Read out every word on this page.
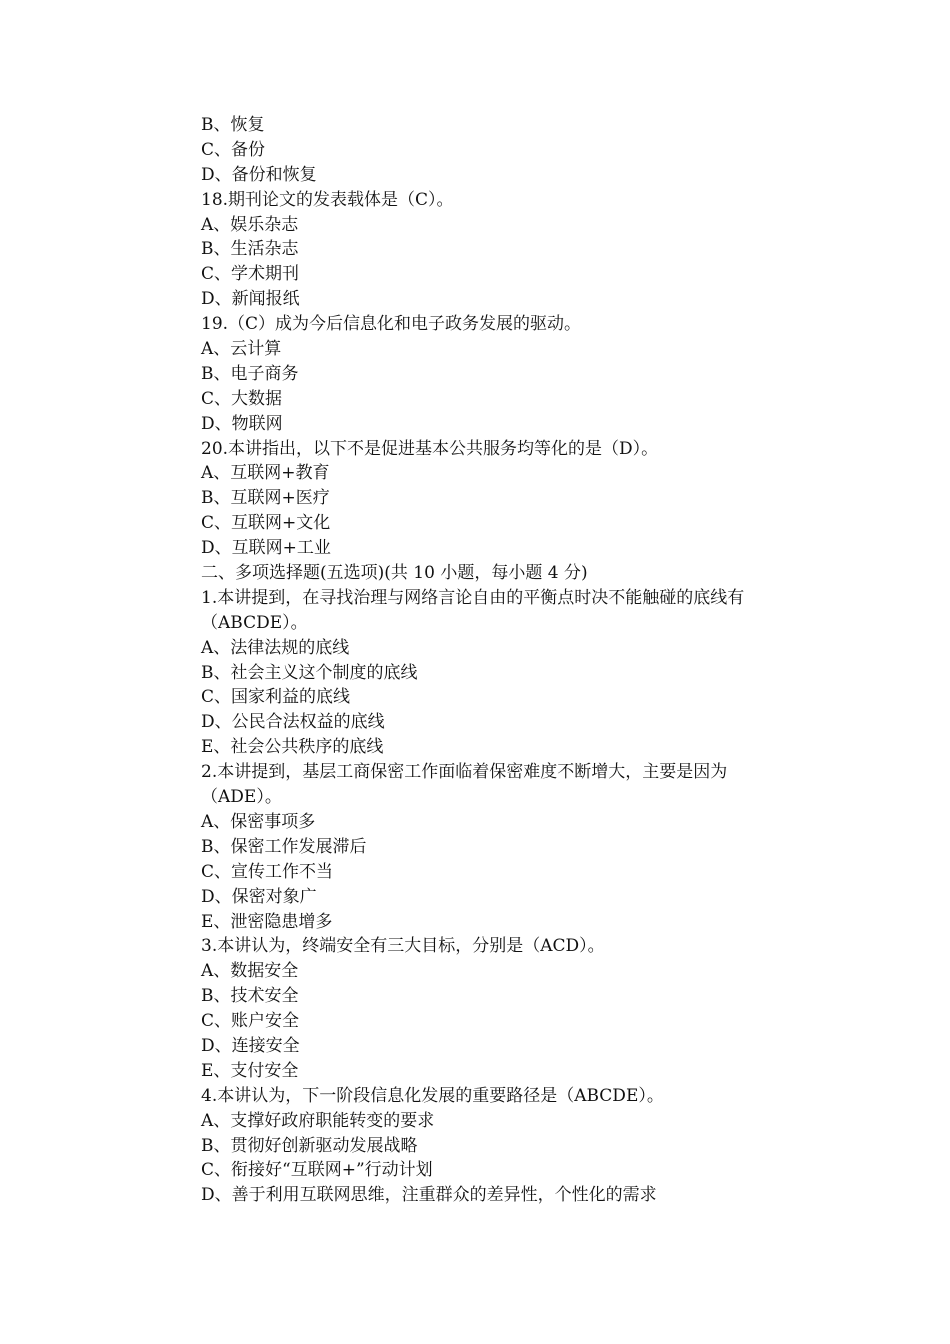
B、恢复
C、备份
D、备份和恢复
18.期刊论文的发表载体是（C）。
A、娱乐杂志
B、生活杂志
C、学术期刊
D、新闻报纸
19.（C）成为今后信息化和电子政务发展的驱动。
A、云计算
B、电子商务
C、大数据
D、物联网
20.本讲指出，以下不是促进基本公共服务均等化的是（D）。
A、互联网+教育
B、互联网+医疗
C、互联网+文化
D、互联网+工业
二、多项选择题(五选项)(共 10 小题，每小题 4 分)
1.本讲提到，在寻找治理与网络言论自由的平衡点时决不能触碰的底线有
（ABCDE）。
A、法律法规的底线
B、社会主义这个制度的底线
C、国家利益的底线
D、公民合法权益的底线
E、社会公共秩序的底线
2.本讲提到，基层工商保密工作面临着保密难度不断增大，主要是因为
（ADE）。
A、保密事项多
B、保密工作发展滞后
C、宣传工作不当
D、保密对象广
E、泄密隐患增多
3.本讲认为，终端安全有三大目标，分别是（ACD）。
A、数据安全
B、技术安全
C、账户安全
D、连接安全
E、支付安全
4.本讲认为，下一阶段信息化发展的重要路径是（ABCDE）。
A、支撑好政府职能转变的要求
B、贯彻好创新驱动发展战略
C、衔接好“互联网+”行动计划
D、善于利用互联网思维，注重群众的差异性，个性化的需求
